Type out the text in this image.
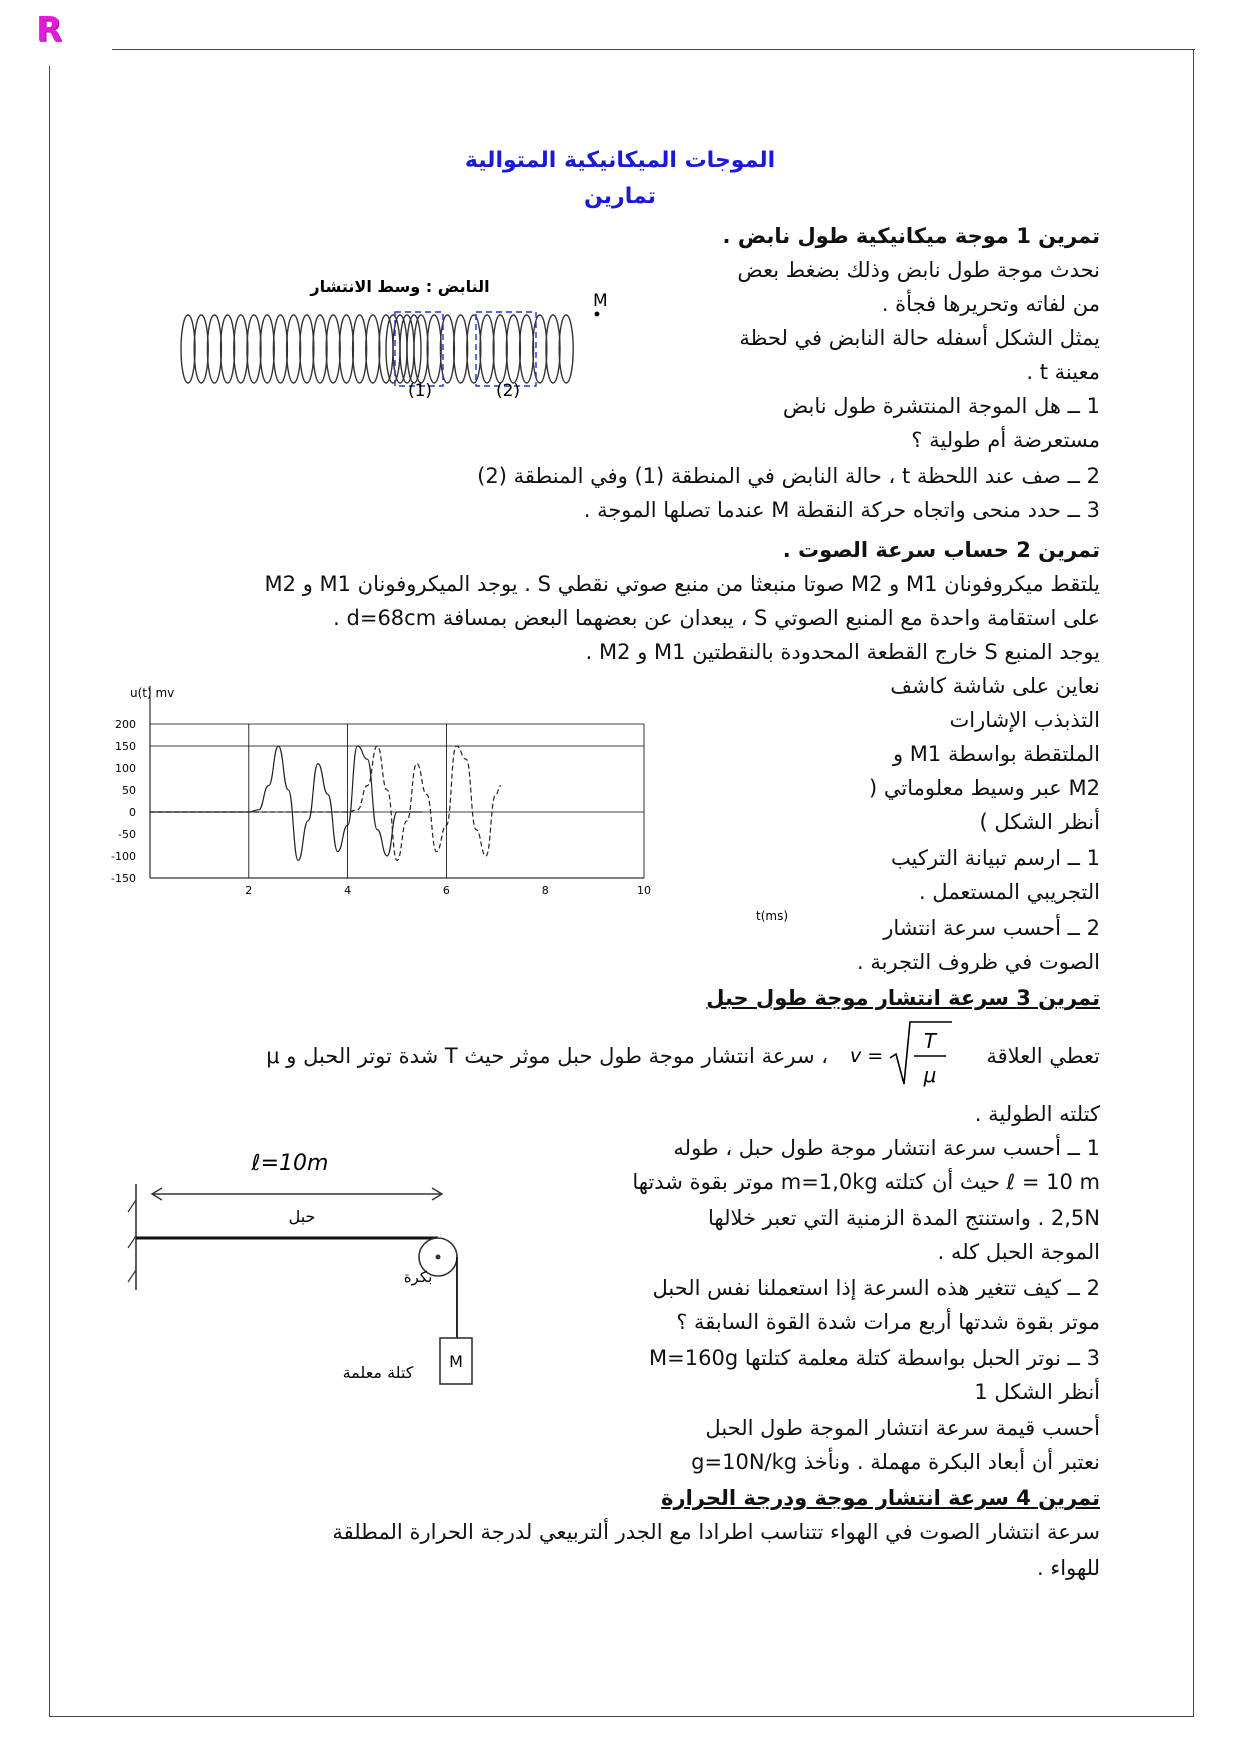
R
الموجات الميكانيكية المتوالية
تمارين
تمرين 1 موجة ميكانيكية طول نابض .
نحدث موجة طول نابض وذلك بضغط بعض
من لفاته وتحريرها فجأة .
يمثل الشكل أسفله حالة النابض في لحظة
معينة t .
1 ــ هل الموجة المنتشرة طول نابض
مستعرضة أم طولية ؟
2 ــ صف عند اللحظة t ، حالة النابض في المنطقة (1) وفي المنطقة (2)
3 ــ حدد منحى واتجاه حركة النقطة M عندما تصلها الموجة .
النابض : وسط الانتشار
M
(1)	(2)
تمرين 2 حساب سرعة الصوت .
يلتقط ميكروفونان M1 و M2 صوتا منبعثا من منبع صوتي نقطي S . يوجد الميكروفونان M1 و M2
على استقامة واحدة مع المنبع الصوتي S ، يبعدان عن بعضهما البعض بمسافة d=68cm .
يوجد المنبع S خارج القطعة المحدودة بالنقطتين M1 و M2 .
نعاين على شاشة كاشف
التذبذب الإشارات
الملتقطة بواسطة M1 و
M2 عبر وسيط معلوماتي (
أنظر الشكل )
1 ــ ارسم تبيانة التركيب
التجريبي المستعمل .
2 ــ أحسب سرعة انتشار
الصوت في ظروف التجربة .
u(t) mv
t(ms)
200
150
100
50
0
-50
-100
-150
2	4	6	8	10
تمرين 3 سرعة انتشار موجة طول حبل
تعطي العلاقة
v =
T
μ
، سرعة انتشار موجة طول حبل موثر حيث T شدة توتر الحبل و μ
كتلته الطولية .
1 ــ أحسب سرعة انتشار موجة طول حبل ، طوله
ℓ = 10 m حيث أن كتلته m=1,0kg موتر بقوة شدتها
2,5N . واستنتج المدة الزمنية التي تعبر خلالها
الموجة الحبل كله .
2 ــ كيف تتغير هذه السرعة إذا استعملنا نفس الحبل
موتر بقوة شدتها أربع مرات شدة القوة السابقة ؟
3 ــ نوتر الحبل بواسطة كتلة معلمة كتلتها M=160g
أنظر الشكل 1
أحسب قيمة سرعة انتشار الموجة طول الحبل
نعتبر أن أبعاد البكرة مهملة . ونأخذ g=10N/kg
ℓ=10m
M
حبل
بكرة
كتلة معلمة
تمرين 4 سرعة انتشار موجة ودرجة الحرارة
سرعة انتشار الصوت في الهواء تتناسب اطرادا مع الجدر ألتربيعي لدرجة الحرارة المطلقة
للهواء .
